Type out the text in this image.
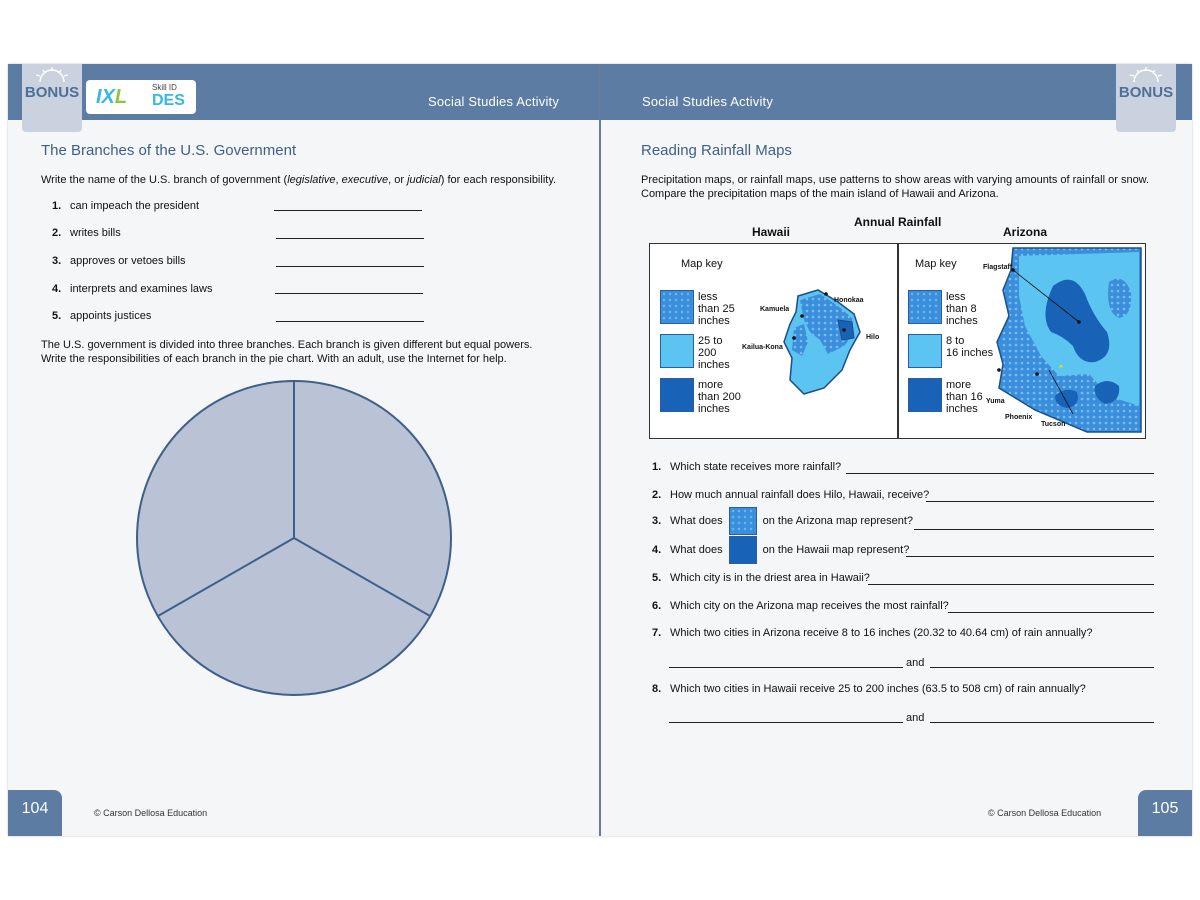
Social Studies Activity
BONUS IXL	Skill ID
DES
The Branches of the U.S. Government
Write the name of the U.S. branch of government (legislative, executive, or judicial) for each responsibility.
1. can impeach the president
2. writes bills
3. approves or vetoes bills
4. interprets and examines laws
5. appoints justices
The U.S. government is divided into three branches. Each branch is given different but equal powers.
Write the responsibilities of each branch in the pie chart. With an adult, use the Internet for help.
104	© Carson Dellosa Education
Social Studies Activity
BONUS
Reading Rainfall Maps
Precipitation maps, or rainfall maps, use patterns to show areas with varying amounts of rainfall or snow.
Compare the precipitation maps of the main island of Hawaii and Arizona.
Annual Rainfall
Hawaii	Arizona
Map key
less
than 25
inches
25 to
200
inches
more
than 200
inches
Honokaa
Kamuela
Hilo
Kailua-Kona
Map key
less
than 8
inches
8 to
16 inches
more
than 16
inches
Flagstaff
Yuma
Phoenix
Tucson
1. Which state receives more rainfall?
2. How much annual rainfall does Hilo, Hawaii, receive?
3. What does	on the Arizona map represent?
4. What does	on the Hawaii map represent?
5. Which city is in the driest area in Hawaii?
6. Which city on the Arizona map receives the most rainfall?
7. Which two cities in Arizona receive 8 to 16 inches (20.32 to 40.64 cm) of rain annually?
and
8. Which two cities in Hawaii receive 25 to 200 inches (63.5 to 508 cm) of rain annually?
and
© Carson Dellosa Education	105
